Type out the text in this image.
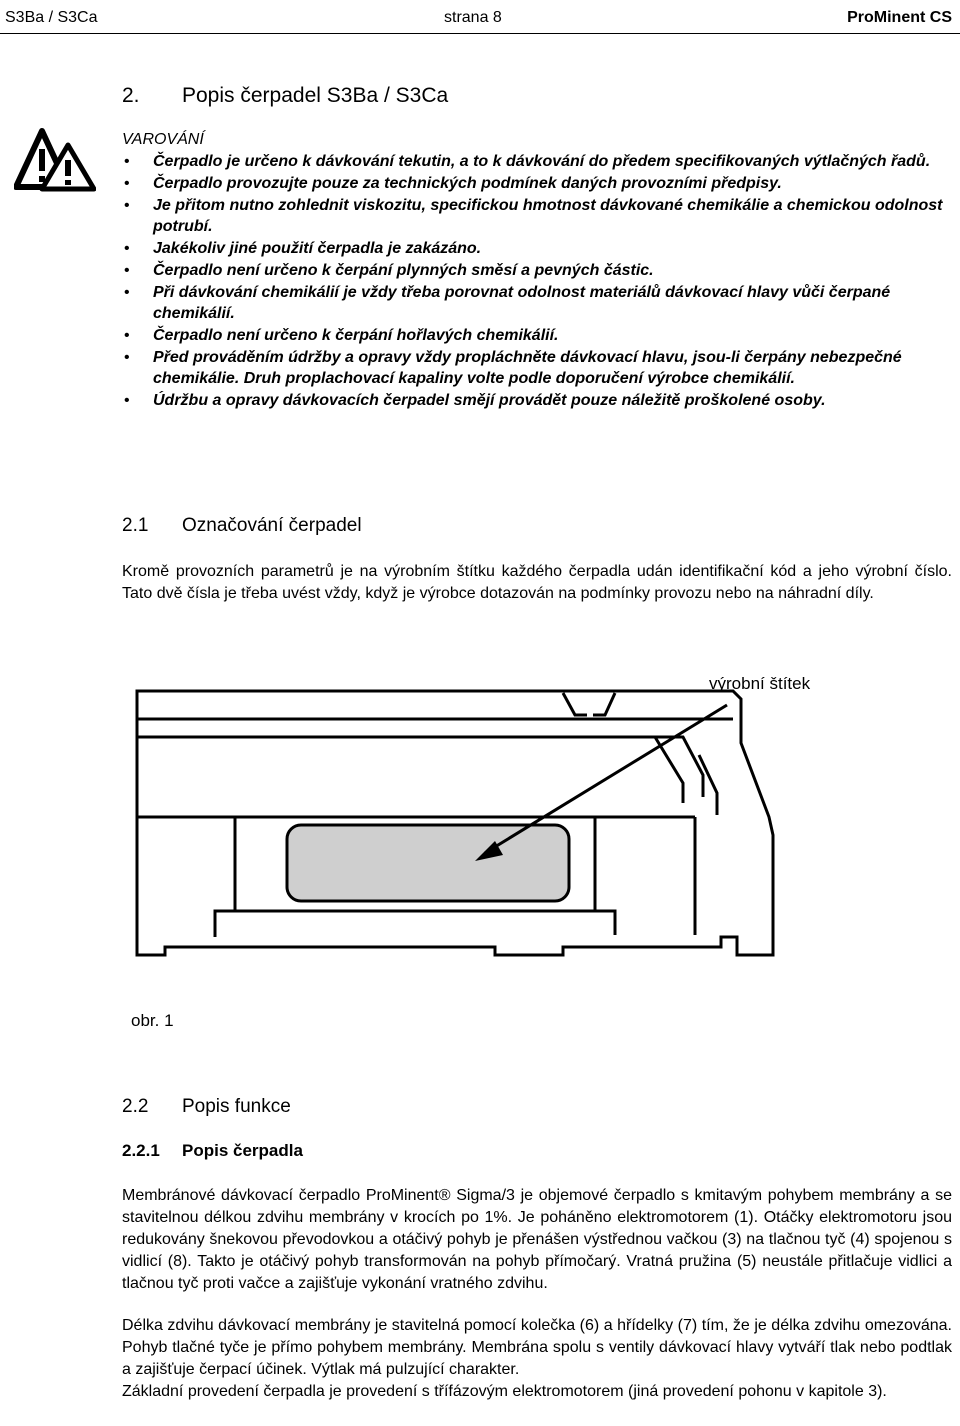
S3Ba / S3Ca	strana 8	ProMinent CS
2. Popis čerpadel S3Ba / S3Ca
VAROVÁNÍ
• Čerpadlo je určeno k dávkování tekutin, a to k dávkování do předem specifikovaných výtlačných řadů.
• Čerpadlo provozujte pouze za technických podmínek daných provozními předpisy.
• Je přitom nutno zohlednit viskozitu, specifickou hmotnost dávkované chemikálie a chemickou odolnost potrubí.
• Jakékoliv jiné použití čerpadla je zakázáno.
• Čerpadlo není určeno k čerpání plynných směsí a pevných částic.
• Při dávkování chemikálií je vždy třeba porovnat odolnost materiálů dávkovací hlavy vůči čerpané chemikálií.
• Čerpadlo není určeno k čerpání hořlavých chemikálií.
• Před prováděním údržby a opravy vždy propláchněte dávkovací hlavu, jsou-li čerpány nebezpečné chemikálie. Druh proplachovací kapaliny volte podle doporučení výrobce chemikálií.
• Údržbu a opravy dávkovacích čerpadel smějí provádět pouze náležitě proškolené osoby.
2.1 Označování čerpadel

Kromě provozních parametrů je na výrobním štítku každého čerpadla udán identifikační kód a jeho výrobní číslo. Tato dvě čísla je třeba uvést vždy, když je výrobce dotazován na podmínky provozu nebo na náhradní díly.

výrobní štítek
obr. 1
2.2 Popis funkce
2.2.1 Popis čerpadla

Membránové dávkovací čerpadlo ProMinent® Sigma/3 je objemové čerpadlo s kmitavým pohybem membrány a se stavitelnou délkou zdvihu membrány v krocích po 1%. Je poháněno elektromotorem (1). Otáčky elektromotoru jsou redukovány šnekovou převodovkou a otáčivý pohyb je přenášen výstřednou vačkou (3) na tlačnou tyč (4) spojenou s vidlicí (8). Takto je otáčivý pohyb transformován na pohyb přímočarý. Vratná pružina (5) neustále přitlačuje vidlici a tlačnou tyč proti vačce a zajišťuje vykonání vratného zdvihu.

Délka zdvihu dávkovací membrány je stavitelná pomocí kolečka (6) a hřídelky (7) tím, že je délka zdvihu omezována. Pohyb tlačné tyče je přímo pohybem membrány. Membrána spolu s ventily dávkovací hlavy vytváří tlak nebo podtlak a zajišťuje čerpací účinek. Výtlak má pulzující charakter.

Základní provedení čerpadla je provedení s třífázovým elektromotorem (jiná provedení pohonu v kapitole 3).
